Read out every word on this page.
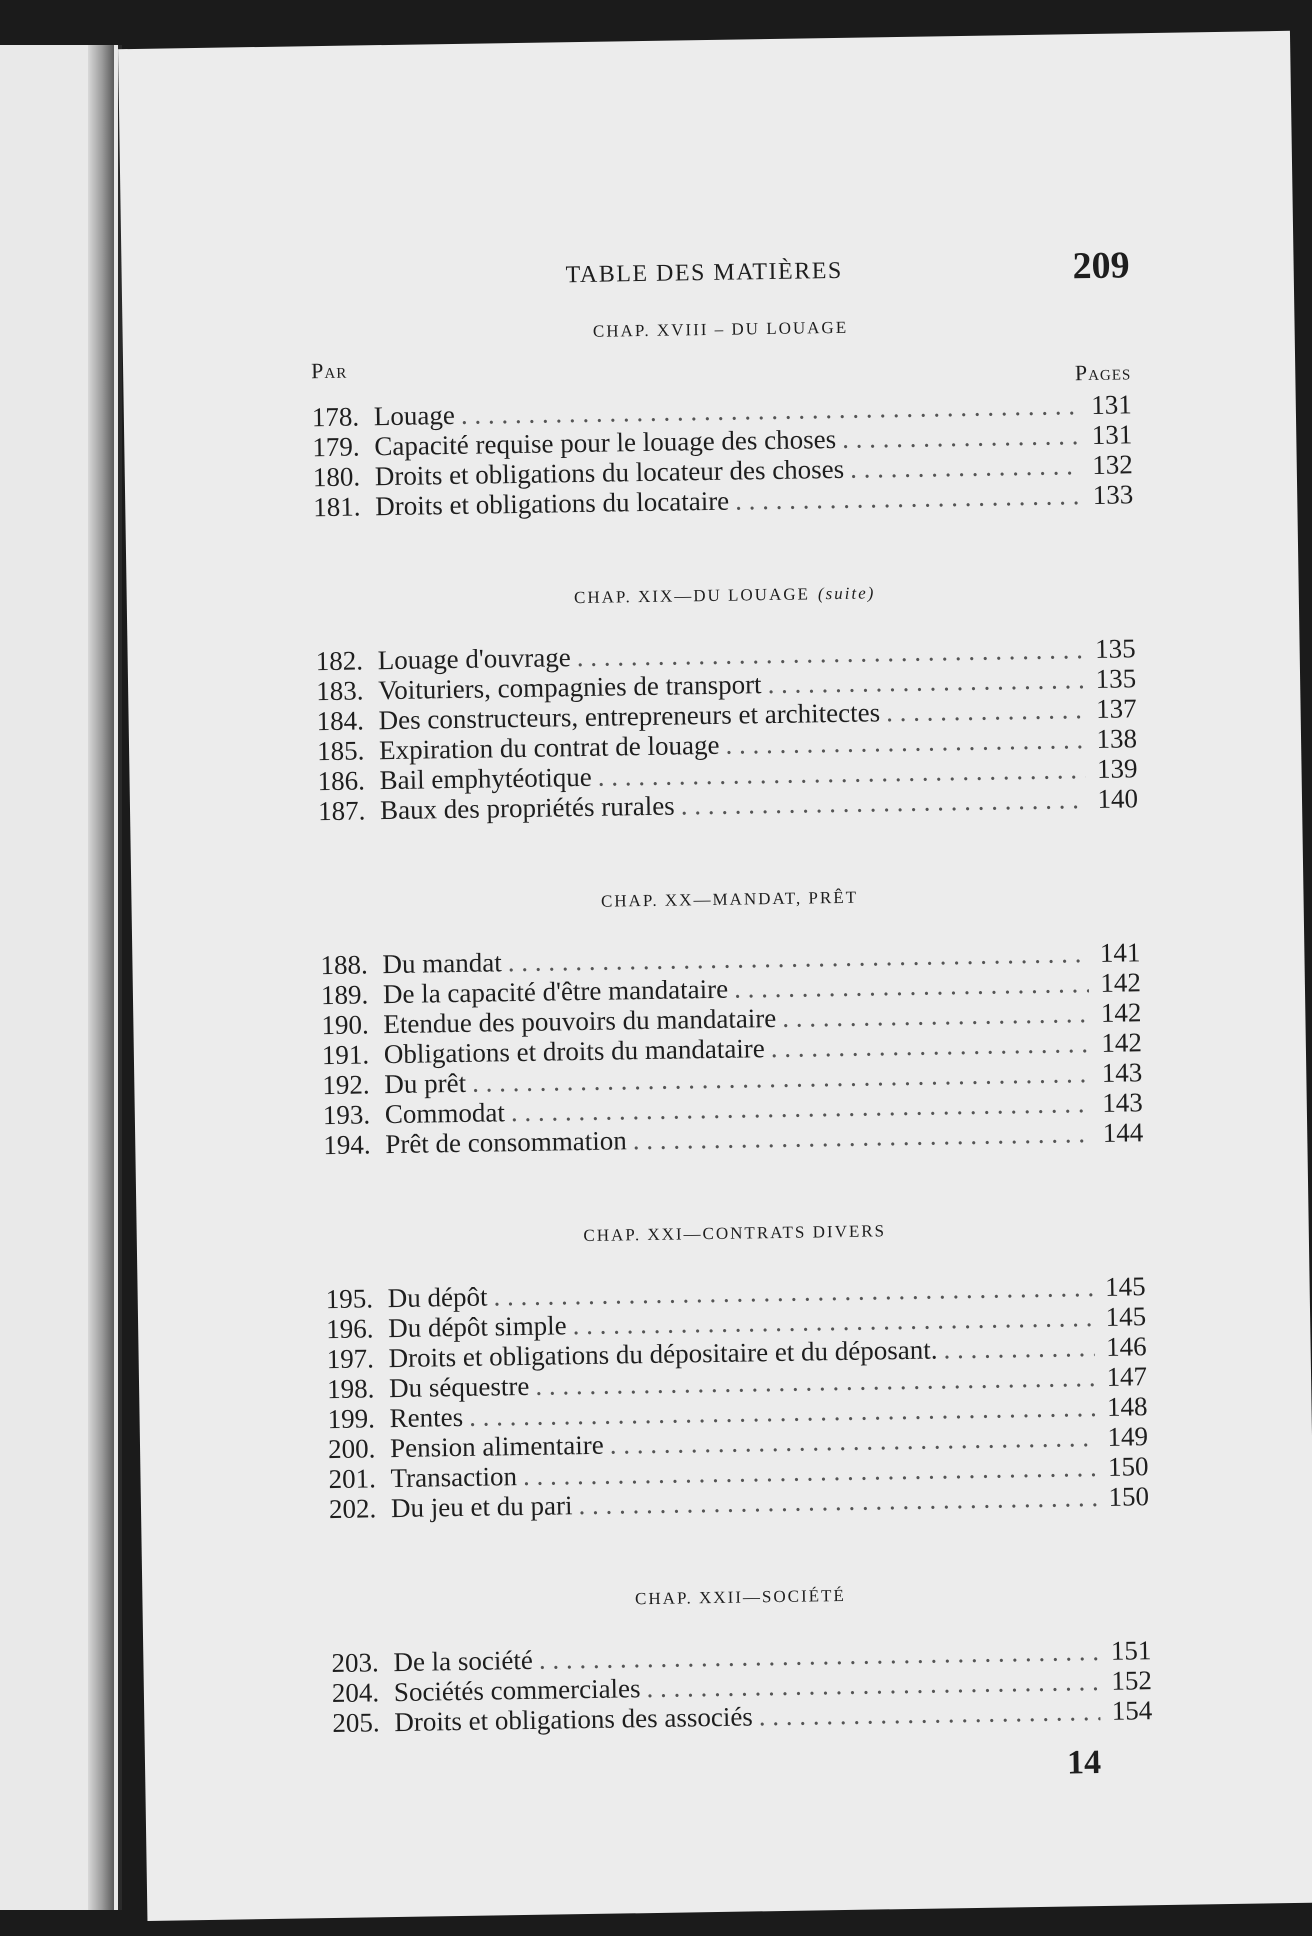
TABLE DES MATIÈRES	209
CHAP. XVIII – DU LOUAGE
Par	Pages
178. Louage . . .	131
179. Capacité requise pour le louage des choses . . .	131
180. Droits et obligations du locateur des choses . . .	132
181. Droits et obligations du locataire . . .	133
CHAP. XIX—DU LOUAGE (suite)
182. Louage d'ouvrage . . .	135
183. Voituriers, compagnies de transport . . .	135
184. Des constructeurs, entrepreneurs et architectes . . .	137
185. Expiration du contrat de louage . . .	138
186. Bail emphytéotique . . .	139
187. Baux des propriétés rurales . . .	140
CHAP. XX—MANDAT, PRÊT
188. Du mandat . . .	141
189. De la capacité d'être mandataire . . .	142
190. Etendue des pouvoirs du mandataire . . .	142
191. Obligations et droits du mandataire . . .	142
192. Du prêt . . .	143
193. Commodat . . .	143
194. Prêt de consommation . . .	144
CHAP. XXI—CONTRATS DIVERS
195. Du dépôt . . .	145
196. Du dépôt simple . . .	145
197. Droits et obligations du dépositaire et du déposant. . . .	146
198. Du séquestre . . .	147
199. Rentes . . .	148
200. Pension alimentaire . . .	149
201. Transaction . . .	150
202. Du jeu et du pari . . .	150
CHAP. XXII—SOCIÉTÉ
203. De la société . . .	151
204. Sociétés commerciales . . .	152
205. Droits et obligations des associés . . .	154
14
